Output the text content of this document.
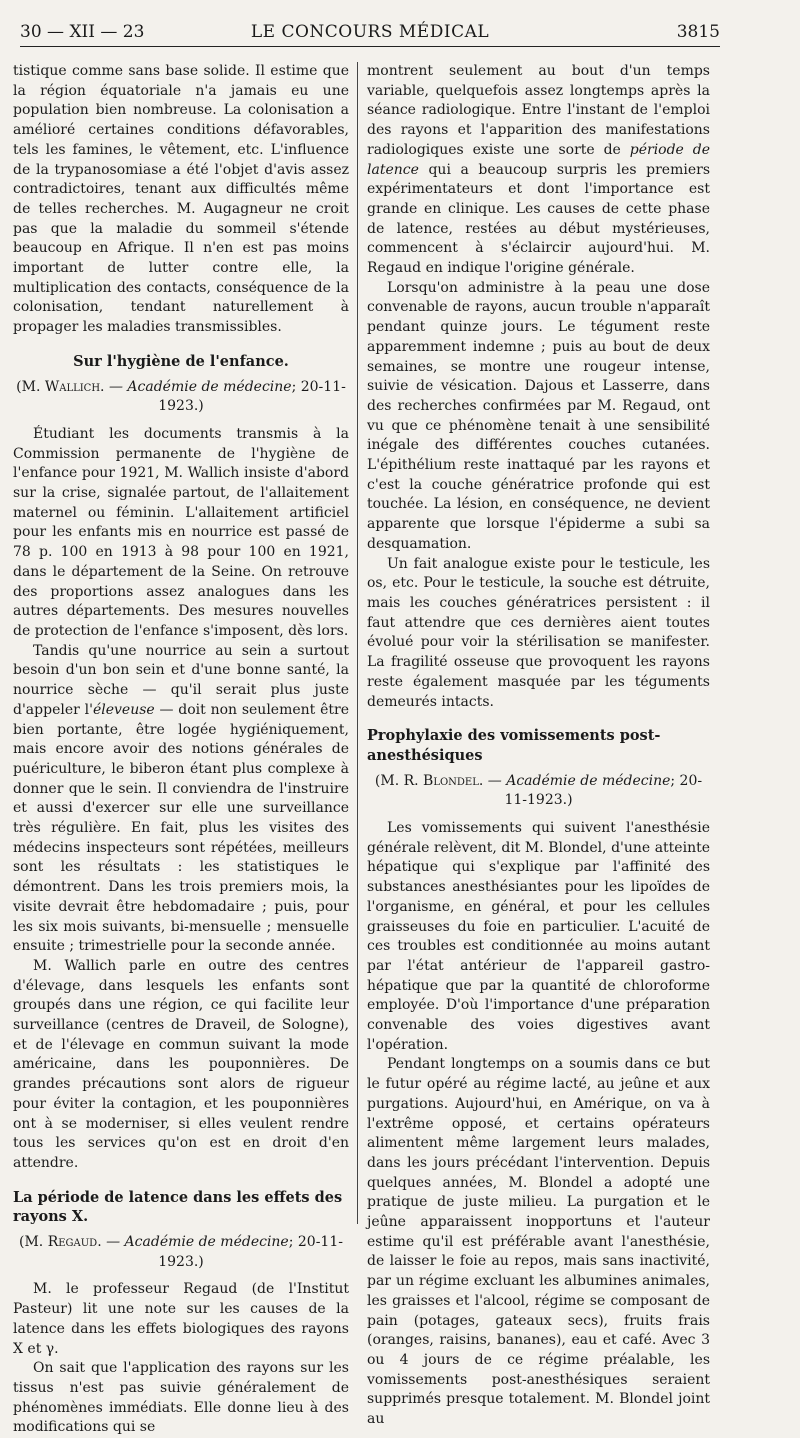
30 — XII — 23	LE CONCOURS MÉDICAL	3815

tistique comme sans base solide. Il estime que la région équatoriale n'a jamais eu une population bien nombreuse. La colonisation a amélioré certaines conditions défavorables, tels les famines, le vêtement, etc. L'influence de la trypanosomiase a été l'objet d'avis assez contradictoires, tenant aux difficultés même de telles recherches. M. Augagneur ne croit pas que la maladie du sommeil s'étende beaucoup en Afrique. Il n'en est pas moins important de lutter contre elle, la multiplication des contacts, conséquence de la colonisation, tendant naturellement à propager les maladies transmissibles.

Sur l'hygiène de l'enfance.
(M. Wallich. — Académie de médecine; 20-11-1923.)

Étudiant les documents transmis à la Commission permanente de l'hygiène de l'enfance pour 1921, M. Wallich insiste d'abord sur la crise, signalée partout, de l'allaitement maternel ou féminin. L'allaitement artificiel pour les enfants mis en nourrice est passé de 78 p. 100 en 1913 à 98 pour 100 en 1921, dans le département de la Seine. On retrouve des proportions assez analogues dans les autres départements. Des mesures nouvelles de protection de l'enfance s'imposent, dès lors.

Tandis qu'une nourrice au sein a surtout besoin d'un bon sein et d'une bonne santé, la nourrice sèche — qu'il serait plus juste d'appeler l'éleveuse — doit non seulement être bien portante, être logée hygiéniquement, mais encore avoir des notions générales de puériculture, le biberon étant plus complexe à donner que le sein. Il conviendra de l'instruire et aussi d'exercer sur elle une surveillance très régulière. En fait, plus les visites des médecins inspecteurs sont répétées, meilleurs sont les résultats : les statistiques le démontrent. Dans les trois premiers mois, la visite devrait être hebdomadaire ; puis, pour les six mois suivants, bi-mensuelle ; mensuelle ensuite ; trimestrielle pour la seconde année.

M. Wallich parle en outre des centres d'élevage, dans lesquels les enfants sont groupés dans une région, ce qui facilite leur surveillance (centres de Draveil, de Sologne), et de l'élevage en commun suivant la mode américaine, dans les pouponnières. De grandes précautions sont alors de rigueur pour éviter la contagion, et les pouponnières ont à se moderniser, si elles veulent rendre tous les services qu'on est en droit d'en attendre.

La période de latence dans les effets des rayons X.
(M. Regaud. — Académie de médecine; 20-11-1923.)

M. le professeur Regaud (de l'Institut Pasteur) lit une note sur les causes de la latence dans les effets biologiques des rayons X et γ.

On sait que l'application des rayons sur les tissus n'est pas suivie généralement de phénomènes immédiats. Elle donne lieu à des modifications qui se

montrent seulement au bout d'un temps variable, quelquefois assez longtemps après la séance radiologique. Entre l'instant de l'emploi des rayons et l'apparition des manifestations radiologiques existe une sorte de période de latence qui a beaucoup surpris les premiers expérimentateurs et dont l'importance est grande en clinique. Les causes de cette phase de latence, restées au début mystérieuses, commencent à s'éclaircir aujourd'hui. M. Regaud en indique l'origine générale.

Lorsqu'on administre à la peau une dose convenable de rayons, aucun trouble n'apparaît pendant quinze jours. Le tégument reste apparemment indemne ; puis au bout de deux semaines, se montre une rougeur intense, suivie de vésication. Dajous et Lasserre, dans des recherches confirmées par M. Regaud, ont vu que ce phénomène tenait à une sensibilité inégale des différentes couches cutanées. L'épithélium reste inattaqué par les rayons et c'est la couche génératrice profonde qui est touchée. La lésion, en conséquence, ne devient apparente que lorsque l'épiderme a subi sa desquamation.

Un fait analogue existe pour le testicule, les os, etc. Pour le testicule, la souche est détruite, mais les couches génératrices persistent : il faut attendre que ces dernières aient toutes évolué pour voir la stérilisation se manifester. La fragilité osseuse que provoquent les rayons reste également masquée par les téguments demeurés intacts.

Prophylaxie des vomissements post-anesthésiques
(M. R. Blondel. — Académie de médecine; 20-11-1923.)

Les vomissements qui suivent l'anesthésie générale relèvent, dit M. Blondel, d'une atteinte hépatique qui s'explique par l'affinité des substances anesthésiantes pour les lipoïdes de l'organisme, en général, et pour les cellules graisseuses du foie en particulier. L'acuité de ces troubles est conditionnée au moins autant par l'état antérieur de l'appareil gastro-hépatique que par la quantité de chloroforme employée. D'où l'importance d'une préparation convenable des voies digestives avant l'opération.

Pendant longtemps on a soumis dans ce but le futur opéré au régime lacté, au jeûne et aux purgations. Aujourd'hui, en Amérique, on va à l'extrême opposé, et certains opérateurs alimentent même largement leurs malades, dans les jours précédant l'intervention. Depuis quelques années, M. Blondel a adopté une pratique de juste milieu. La purgation et le jeûne apparaissent inopportuns et l'auteur estime qu'il est préférable avant l'anesthésie, de laisser le foie au repos, mais sans inactivité, par un régime excluant les albumines animales, les graisses et l'alcool, régime se composant de pain (potages, gateaux secs), fruits frais (oranges, raisins, bananes), eau et café. Avec 3 ou 4 jours de ce régime préalable, les vomissements post-anesthésiques seraient supprimés presque totalement. M. Blondel joint au
